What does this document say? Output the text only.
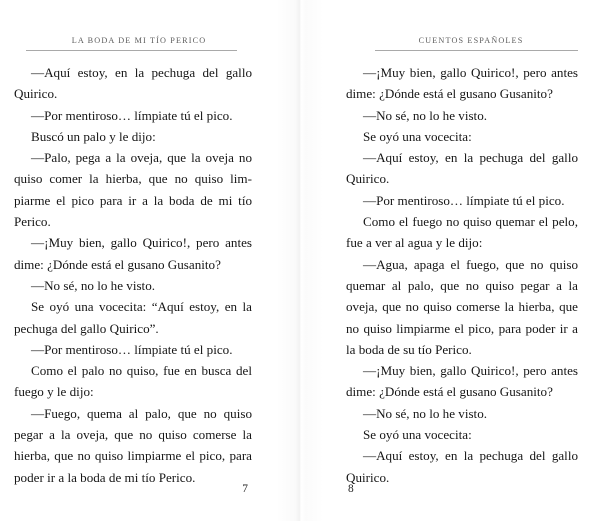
LA BODA DE MI TÍO PERICO

—Aquí estoy, en la pechuga del gallo Quirico.

—Por mentiroso… límpiate tú el pico.

Buscó un palo y le dijo:

—Palo, pega a la oveja, que la oveja no quiso comer la hierba, que no quiso limpiarme el pico para ir a la boda de mi tío Perico.

—¡Muy bien, gallo Quirico!, pero antes dime: ¿Dónde está el gusano Gusanito?

—No sé, no lo he visto.

Se oyó una vocecita: “Aquí estoy, en la pechuga del gallo Quirico”.

—Por mentiroso… límpiate tú el pico.

Como el palo no quiso, fue en busca del fuego y le dijo:

—Fuego, quema al palo, que no quiso pegar a la oveja, que no quiso comerse la hierba, que no quiso limpiarme el pico, para poder ir a la boda de mi tío Perico.

7
CUENTOS ESPAÑOLES

—¡Muy bien, gallo Quirico!, pero antes dime: ¿Dónde está el gusano Gusanito?

—No sé, no lo he visto.

Se oyó una vocecita:

—Aquí estoy, en la pechuga del gallo Quirico.

—Por mentiroso… límpiate tú el pico.

Como el fuego no quiso quemar el pelo, fue a ver al agua y le dijo:

—Agua, apaga el fuego, que no quiso quemar al palo, que no quiso pegar a la oveja, que no quiso comerse la hierba, que no quiso limpiarme el pico, para poder ir a la boda de su tío Perico.

—¡Muy bien, gallo Quirico!, pero antes dime: ¿Dónde está el gusano Gusanito?

—No sé, no lo he visto.

Se oyó una vocecita:

—Aquí estoy, en la pechuga del gallo Quirico.

8
